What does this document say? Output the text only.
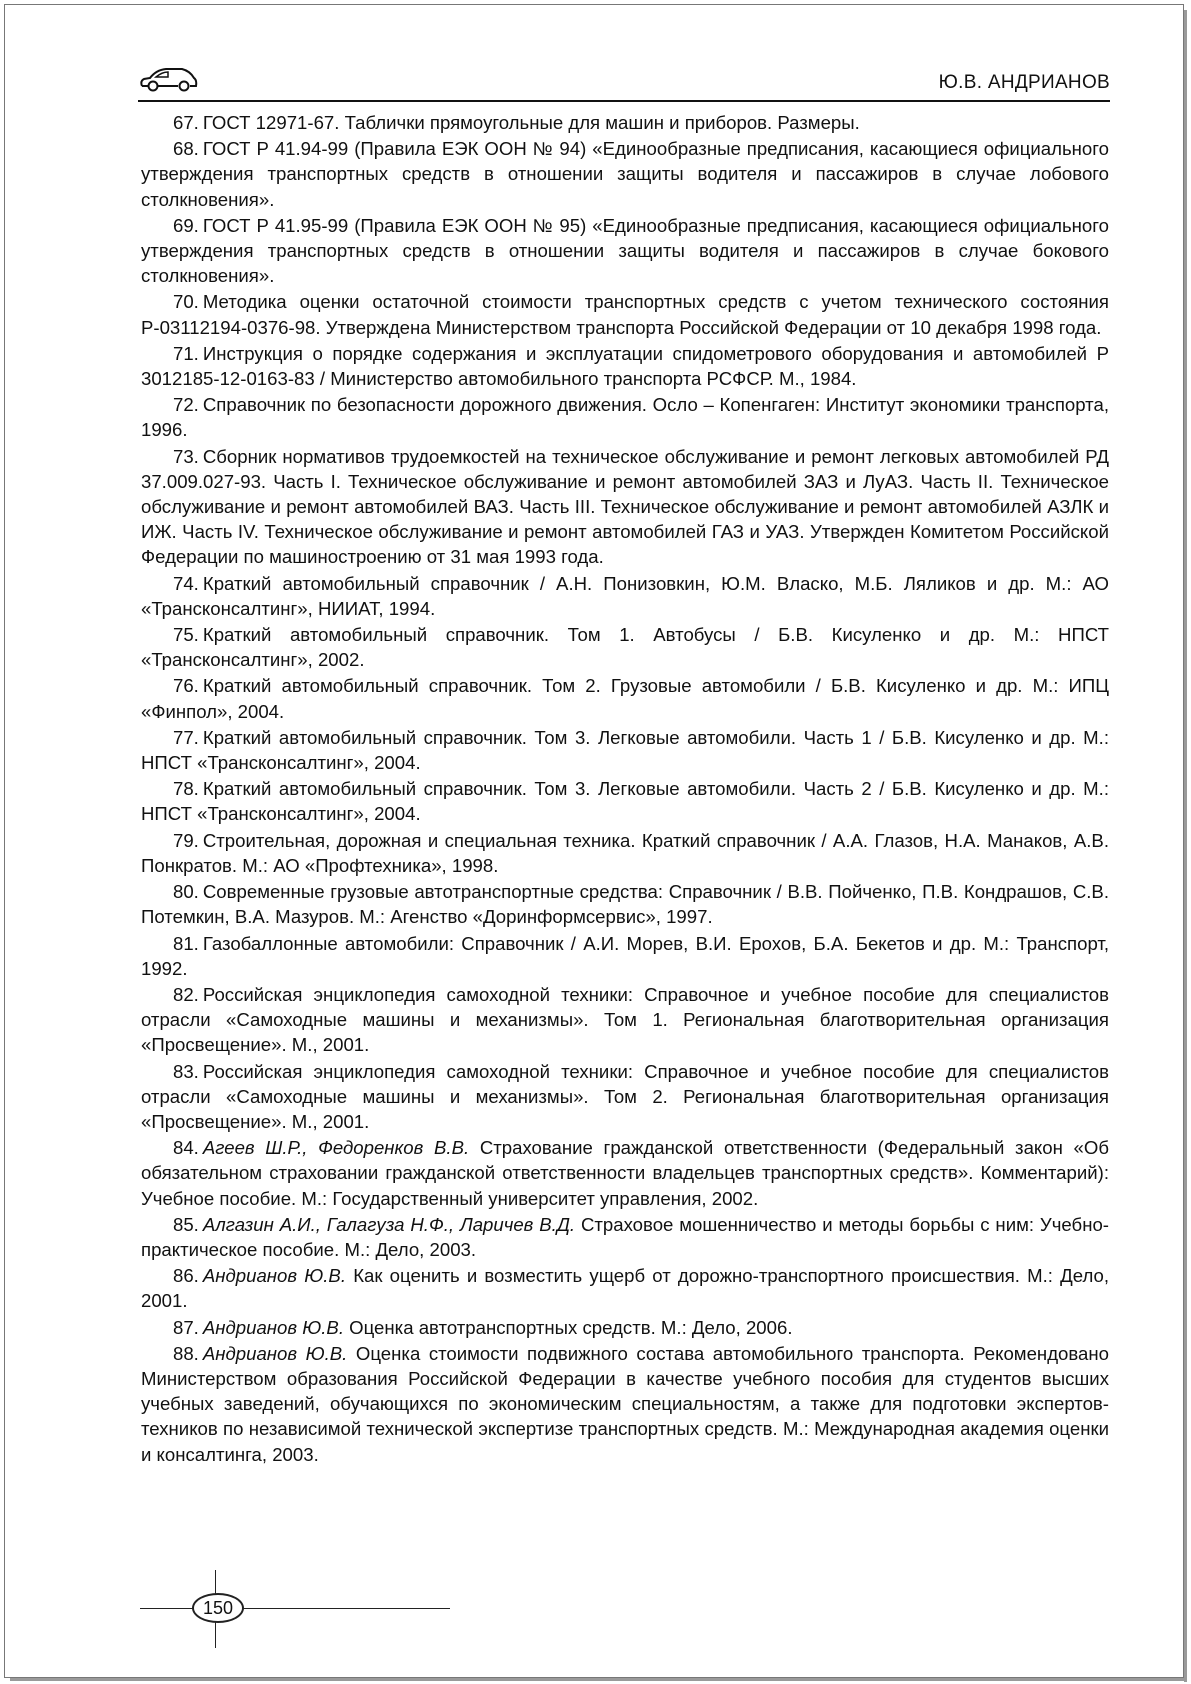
Ю.В. АНДРИАНОВ

67. ГОСТ 12971-67. Таблички прямоугольные для машин и приборов. Размеры.

68. ГОСТ Р 41.94-99 (Правила ЕЭК ООН № 94) «Единообразные предписания, касающиеся официального утверждения транспортных средств в отношении защиты водителя и пассажиров в случае лобового столкновения».

69. ГОСТ Р 41.95-99 (Правила ЕЭК ООН № 95) «Единообразные предписания, касающиеся официального утверждения транспортных средств в отношении защиты водителя и пассажиров в случае бокового столкновения».

70. Методика оценки остаточной стоимости транспортных средств с учетом технического состояния Р-03112194-0376-98. Утверждена Министерством транспорта Российской Федерации от 10 декабря 1998 года.

71. Инструкция о порядке содержания и эксплуатации спидометрового оборудования и автомобилей Р 3012185-12-0163-83 / Министерство автомобильного транспорта РСФСР. М., 1984.

72. Справочник по безопасности дорожного движения. Осло – Копенгаген: Институт экономики транспорта, 1996.

73. Сборник нормативов трудоемкостей на техническое обслуживание и ремонт легковых автомобилей РД 37.009.027-93. Часть I. Техническое обслуживание и ремонт автомобилей ЗАЗ и ЛуАЗ. Часть II. Техническое обслуживание и ремонт автомобилей ВАЗ. Часть III. Техническое обслуживание и ремонт автомобилей АЗЛК и ИЖ. Часть IV. Техническое обслуживание и ремонт автомобилей ГАЗ и УАЗ. Утвержден Комитетом Российской Федерации по машиностроению от 31 мая 1993 года.

74. Краткий автомобильный справочник / А.Н. Понизовкин, Ю.М. Власко, М.Б. Ляликов и др. М.: АО «Трансконсалтинг», НИИАТ, 1994.

75. Краткий автомобильный справочник. Том 1. Автобусы / Б.В. Кисуленко и др. М.: НПСТ «Трансконсалтинг», 2002.

76. Краткий автомобильный справочник. Том 2. Грузовые автомобили / Б.В. Кисуленко и др. М.: ИПЦ «Финпол», 2004.

77. Краткий автомобильный справочник. Том 3. Легковые автомобили. Часть 1 / Б.В. Кисуленко и др. М.: НПСТ «Трансконсалтинг», 2004.

78. Краткий автомобильный справочник. Том 3. Легковые автомобили. Часть 2 / Б.В. Кисуленко и др. М.: НПСТ «Трансконсалтинг», 2004.

79. Строительная, дорожная и специальная техника. Краткий справочник / А.А. Глазов, Н.А. Манаков, А.В. Понкратов. М.: АО «Профтехника», 1998.

80. Современные грузовые автотранспортные средства: Справочник / В.В. Пойченко, П.В. Кондрашов, С.В. Потемкин, В.А. Мазуров. М.: Агенство «Доринформсервис», 1997.

81. Газобаллонные автомобили: Справочник / А.И. Морев, В.И. Ерохов, Б.А. Бекетов и др. М.: Транспорт, 1992.

82. Российская энциклопедия самоходной техники: Справочное и учебное пособие для специалистов отрасли «Самоходные машины и механизмы». Том 1. Региональная благотворительная организация «Просвещение». М., 2001.

83. Российская энциклопедия самоходной техники: Справочное и учебное пособие для специалистов отрасли «Самоходные машины и механизмы». Том 2. Региональная благотворительная организация «Просвещение». М., 2001.

84. Агеев Ш.Р., Федоренков В.В. Страхование гражданской ответственности (Федеральный закон «Об обязательном страховании гражданской ответственности владельцев транспортных средств». Комментарий): Учебное пособие. М.: Государственный университет управления, 2002.

85. Алгазин А.И., Галагуза Н.Ф., Ларичев В.Д. Страховое мошенничество и методы борьбы с ним: Учебно-практическое пособие. М.: Дело, 2003.

86. Андрианов Ю.В. Как оценить и возместить ущерб от дорожно-транспортного происшествия. М.: Дело, 2001.

87. Андрианов Ю.В. Оценка автотранспортных средств. М.: Дело, 2006.

88. Андрианов Ю.В. Оценка стоимости подвижного состава автомобильного транспорта. Рекомендовано Министерством образования Российской Федерации в качестве учебного пособия для студентов высших учебных заведений, обучающихся по экономическим специальностям, а также для подготовки экспертов-техников по независимой технической экспертизе транспортных средств. М.: Международная академия оценки и консалтинга, 2003.

150
